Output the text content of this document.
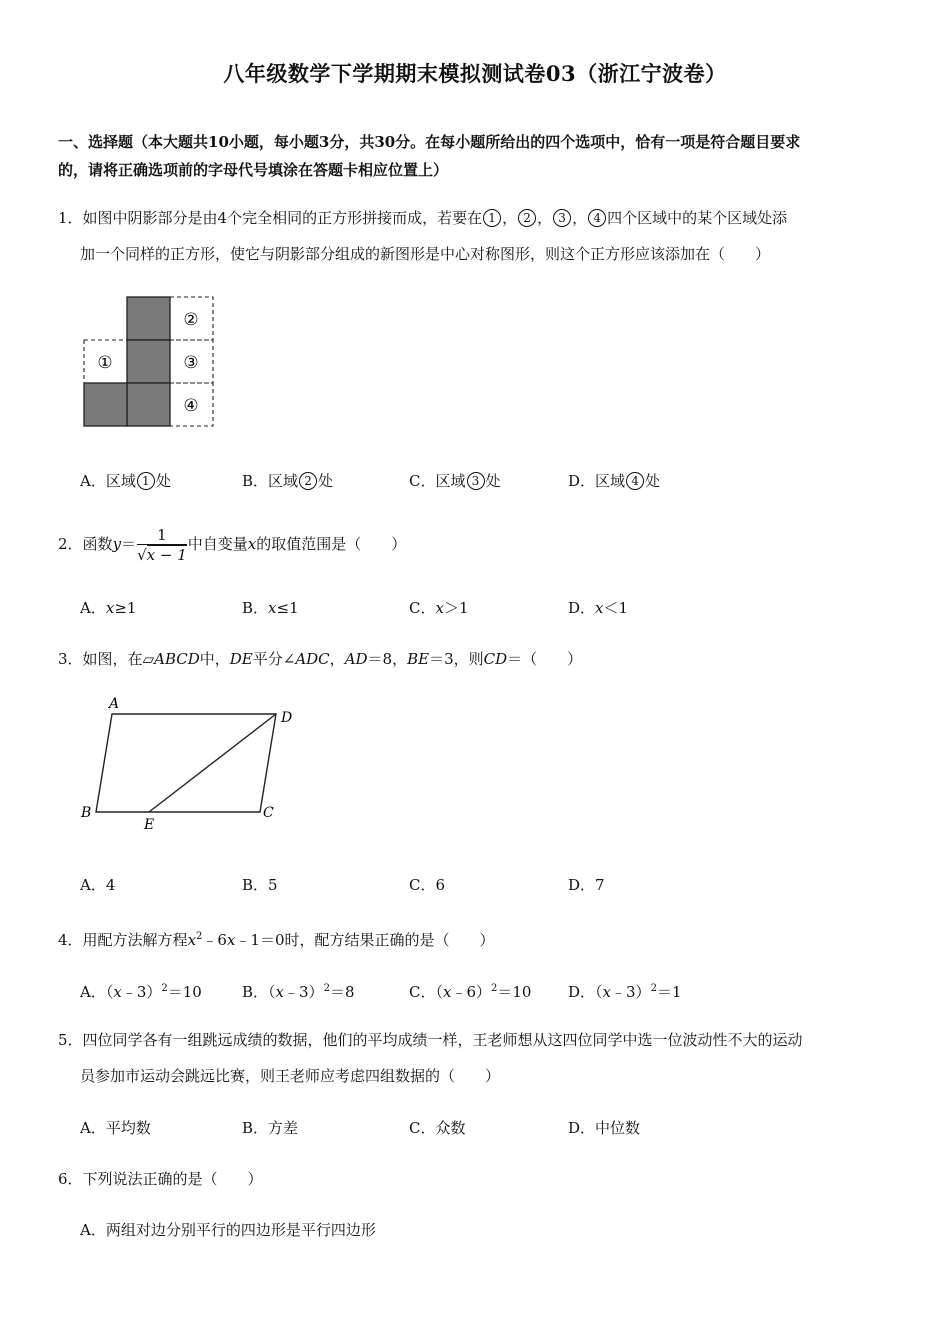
八年级数学下学期期末模拟测试卷03（浙江宁波卷）
一、选择题（本大题共10小题，每小题3分，共30分。在每小题所给出的四个选项中，恰有一项是符合题目要求
的，请将正确选项前的字母代号填涂在答题卡相应位置上）
1．如图中阴影部分是由4个完全相同的正方形拼接而成，若要在 1 ， 2 ， 3 ， 4 四个区域中的某个区域处添
加一个同样的正方形，使它与阴影部分组成的新图形是中心对称图形，则这个正方形应该添加在（　　）
①
②
③
④
A．区域 1 处	B．区域 2 处	C．区域 3 处	D．区域 4 处
2．函数$y= \frac{1}{√x - 1}$ 中自变量x的取值范围是（　　）
A．x≥1	B．x≤1	C．x＞1	D．x＜1
3．如图，在▱ABCD中，DE平分∠ADC，AD＝8，BE＝3，则CD＝（　　）
A
D
B	C
E
A．4	B．5	C．6	D．7
4．用配方法解方程$x^2﹣6x﹣1=0$时，配方结果正确的是（　　）
A．（x﹣3）$^2$＝10	B．（x﹣3）$^2$＝8	C．（x﹣6）$^2$＝10 D．（x﹣3）$^2$＝1
5．四位同学各有一组跳远成绩的数据，他们的平均成绩一样，王老师想从这四位同学中选一位波动性不大的运动
员参加市运动会跳远比赛，则王老师应考虑四组数据的（　　）
A．平均数	B．方差	C．众数	D．中位数
6．下列说法正确的是（　　）
A．两组对边分别平行的四边形是平行四边形
